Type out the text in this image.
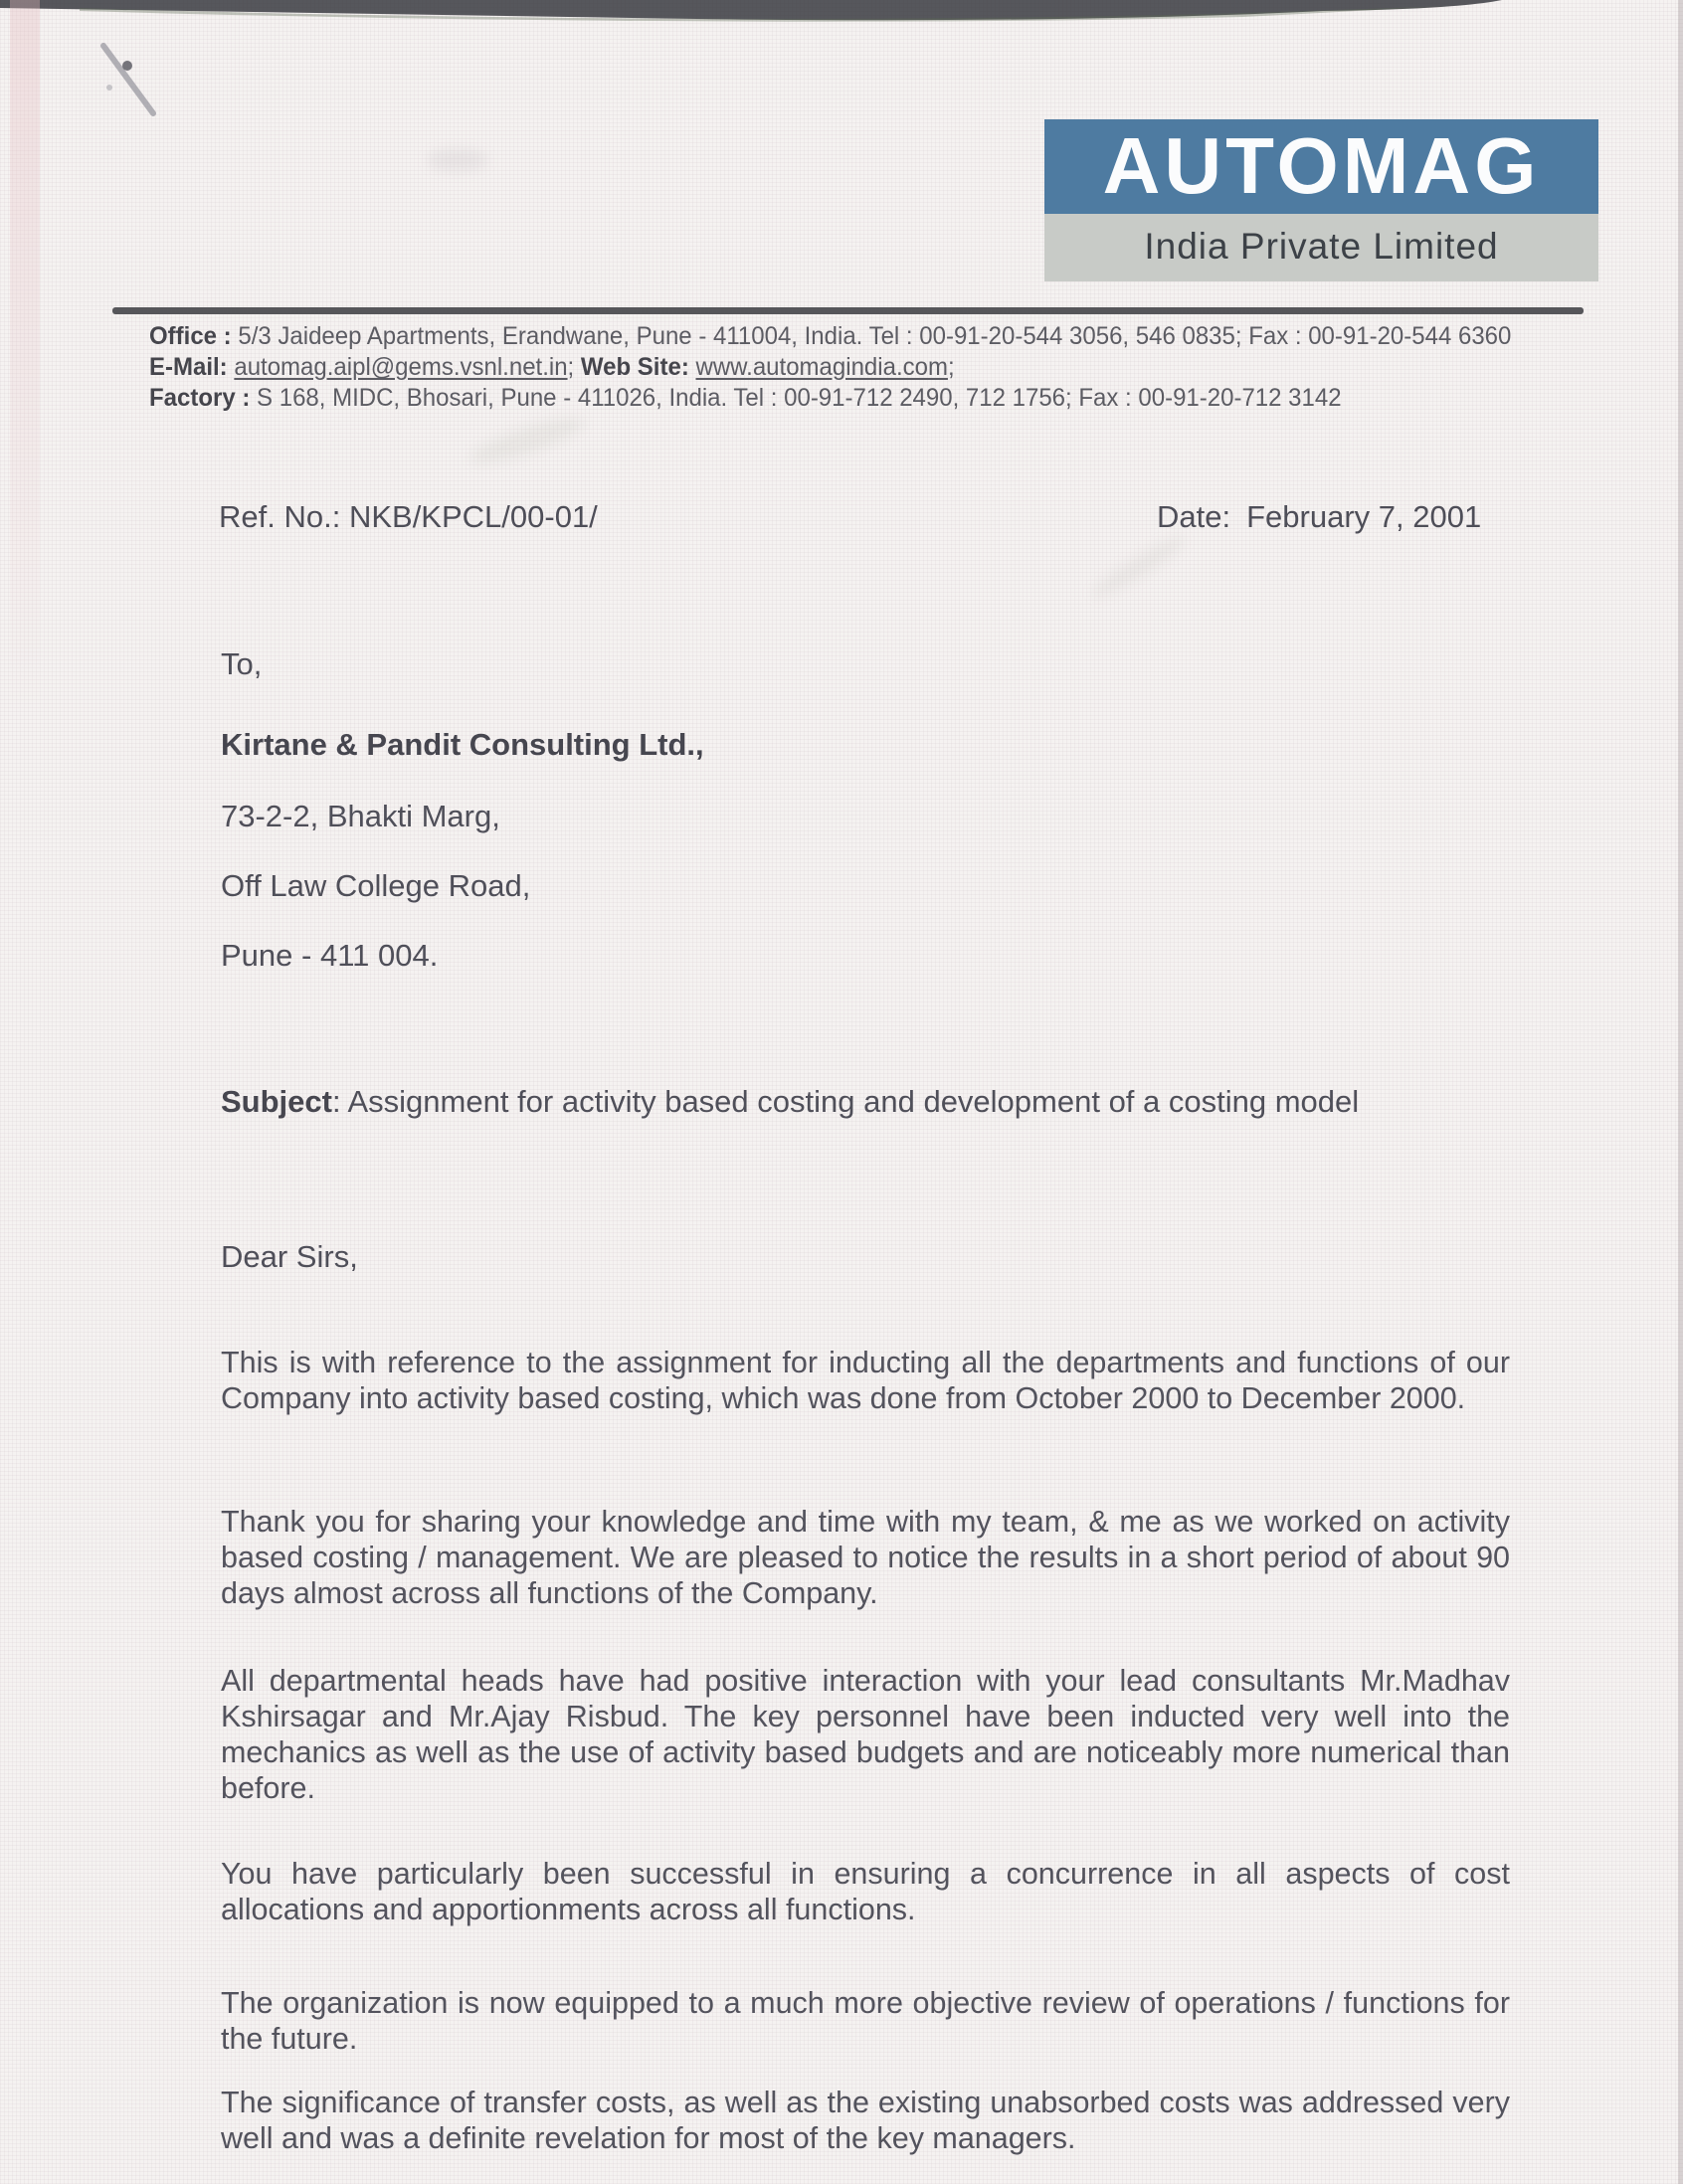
AUTOMAG
India Private Limited
Office : 5/3 Jaideep Apartments, Erandwane, Pune - 411004, India. Tel : 00-91-20-544 3056, 546 0835; Fax : 00-91-20-544 6360
E-Mail: automag.aipl@gems.vsnl.net.in; Web Site: www.automagindia.com;
Factory : S 168, MIDC, Bhosari, Pune - 411026, India. Tel : 00-91-712 2490, 712 1756; Fax : 00-91-20-712 3142
Ref. No.: NKB/KPCL/00-01/	Date: February 7, 2001
To,
Kirtane & Pandit Consulting Ltd.,
73-2-2, Bhakti Marg,
Off Law College Road,
Pune - 411 004.
Subject: Assignment for activity based costing and development of a costing model
Dear Sirs,
This is with reference to the assignment for inducting all the departments and functions of our Company into activity based costing, which was done from October 2000 to December 2000.
Thank you for sharing your knowledge and time with my team, & me as we worked on activity based costing / management. We are pleased to notice the results in a short period of about 90 days almost across all functions of the Company.
All departmental heads have had positive interaction with your lead consultants Mr.Madhav Kshirsagar and Mr.Ajay Risbud. The key personnel have been inducted very well into the mechanics as well as the use of activity based budgets and are noticeably more numerical than before.
You have particularly been successful in ensuring a concurrence in all aspects of cost allocations and apportionments across all functions.
The organization is now equipped to a much more objective review of operations / functions for the future.
The significance of transfer costs, as well as the existing unabsorbed costs was addressed very well and was a definite revelation for most of the key managers.
